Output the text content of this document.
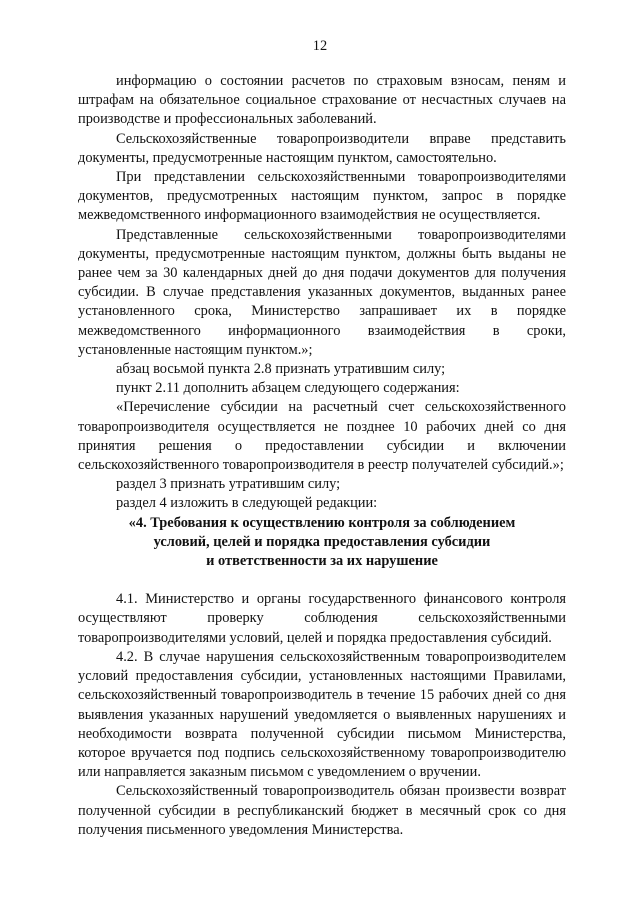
12

информацию о состоянии расчетов по страховым взносам, пеням и штрафам на обязательное социальное страхование от несчастных случаев на производстве и профессиональных заболеваний.

Сельскохозяйственные товаропроизводители вправе представить документы, предусмотренные настоящим пунктом, самостоятельно.

При представлении сельскохозяйственными товаропроизводителями документов, предусмотренных настоящим пунктом, запрос в порядке межведомственного информационного взаимодействия не осуществляется.

Представленные сельскохозяйственными товаропроизводителями документы, предусмотренные настоящим пунктом, должны быть выданы не ранее чем за 30 календарных дней до дня подачи документов для получения субсидии. В случае представления указанных документов, выданных ранее установленного срока, Министерство запрашивает их в порядке межведомственного информационного взаимодействия в сроки, установленные настоящим пунктом.»;

абзац восьмой пункта 2.8 признать утратившим силу;

пункт 2.11 дополнить абзацем следующего содержания:

«Перечисление субсидии на расчетный счет сельскохозяйственного товаропроизводителя осуществляется не позднее 10 рабочих дней со дня принятия решения о предоставлении субсидии и включении сельскохозяйственного товаропроизводителя в реестр получателей субсидий.»;

раздел 3 признать утратившим силу;

раздел 4 изложить в следующей редакции:

«4. Требования к осуществлению контроля за соблюдением
условий, целей и порядка предоставления субсидии
и ответственности за их нарушение

4.1. Министерство и органы государственного финансового контроля осуществляют проверку соблюдения сельскохозяйственными товаропроизводителями условий, целей и порядка предоставления субсидий.

4.2. В случае нарушения сельскохозяйственным товаропроизводителем условий предоставления субсидии, установленных настоящими Правилами, сельскохозяйственный товаропроизводитель в течение 15 рабочих дней со дня выявления указанных нарушений уведомляется о выявленных нарушениях и необходимости возврата полученной субсидии письмом Министерства, которое вручается под подпись сельскохозяйственному товаропроизводителю или направляется заказным письмом с уведомлением о вручении.

Сельскохозяйственный товаропроизводитель обязан произвести возврат полученной субсидии в республиканский бюджет в месячный срок со дня получения письменного уведомления Министерства.
